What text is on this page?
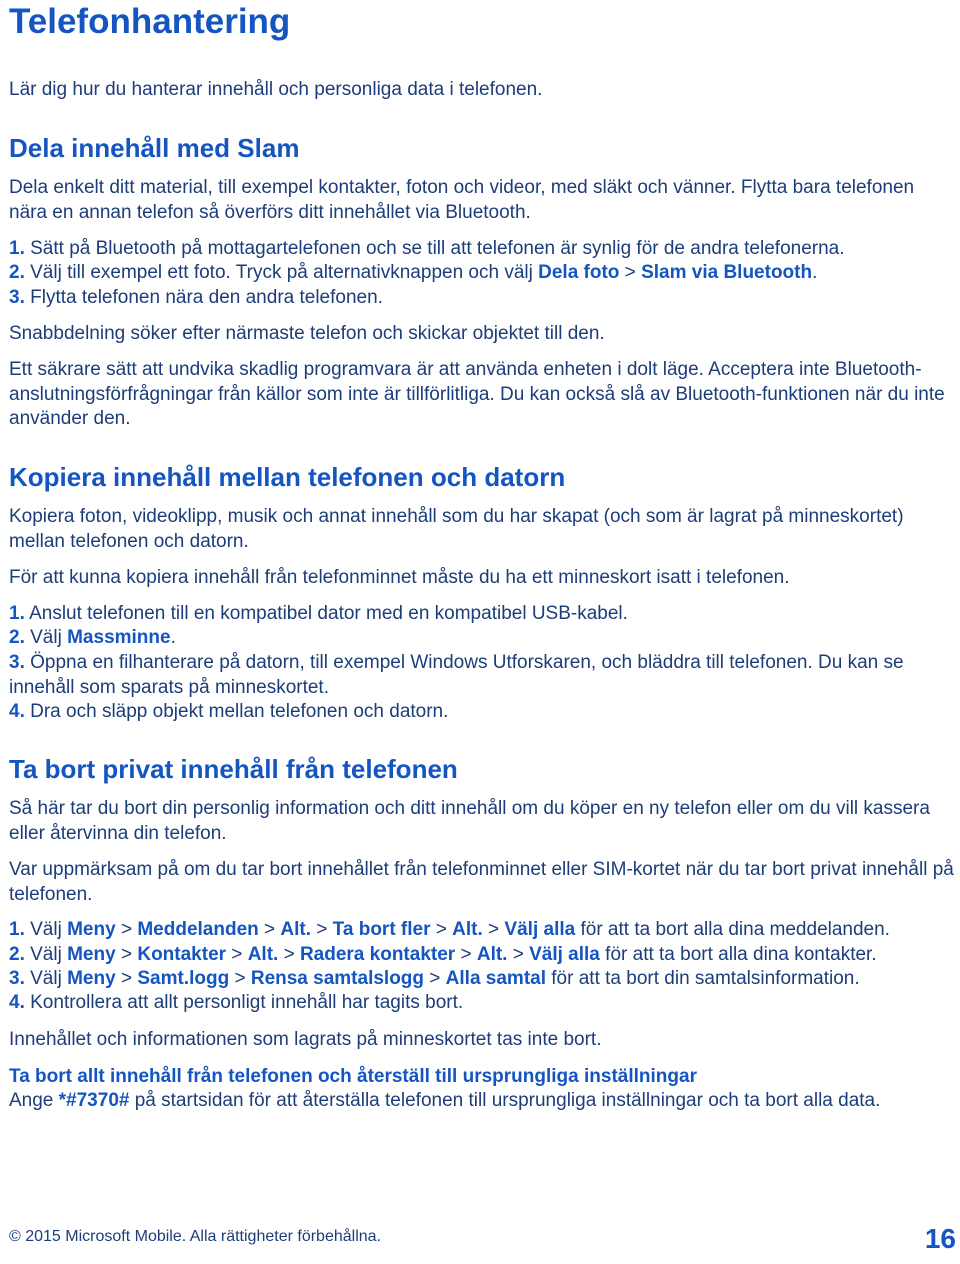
Telefonhantering

Lär dig hur du hanterar innehåll och personliga data i telefonen.

Dela innehåll med Slam

Dela enkelt ditt material, till exempel kontakter, foton och videor, med släkt och vänner. Flytta bara telefonen nära en annan telefon så överförs ditt innehållet via Bluetooth.

1. Sätt på Bluetooth på mottagartelefonen och se till att telefonen är synlig för de andra telefonerna.

2. Välj till exempel ett foto. Tryck på alternativknappen och välj Dela foto > Slam via Bluetooth.

3. Flytta telefonen nära den andra telefonen.

Snabbdelning söker efter närmaste telefon och skickar objektet till den.

Ett säkrare sätt att undvika skadlig programvara är att använda enheten i dolt läge. Acceptera inte Bluetooth-anslutningsförfrågningar från källor som inte är tillförlitliga. Du kan också slå av Bluetooth-funktionen när du inte använder den.

Kopiera innehåll mellan telefonen och datorn

Kopiera foton, videoklipp, musik och annat innehåll som du har skapat (och som är lagrat på minneskortet) mellan telefonen och datorn.

För att kunna kopiera innehåll från telefonminnet måste du ha ett minneskort isatt i telefonen.

1. Anslut telefonen till en kompatibel dator med en kompatibel USB-kabel.

2. Välj Massminne.

3. Öppna en filhanterare på datorn, till exempel Windows Utforskaren, och bläddra till telefonen. Du kan se innehåll som sparats på minneskortet.

4. Dra och släpp objekt mellan telefonen och datorn.

Ta bort privat innehåll från telefonen

Så här tar du bort din personlig information och ditt innehåll om du köper en ny telefon eller om du vill kassera eller återvinna din telefon.

Var uppmärksam på om du tar bort innehållet från telefonminnet eller SIM-kortet när du tar bort privat innehåll på telefonen.

1. Välj Meny > Meddelanden > Alt. > Ta bort fler > Alt. > Välj alla för att ta bort alla dina meddelanden.

2. Välj Meny > Kontakter > Alt. > Radera kontakter > Alt. > Välj alla för att ta bort alla dina kontakter.

3. Välj Meny > Samt.logg > Rensa samtalslogg > Alla samtal för att ta bort din samtalsinformation.

4. Kontrollera att allt personligt innehåll har tagits bort.

Innehållet och informationen som lagrats på minneskortet tas inte bort.

Ta bort allt innehåll från telefonen och återställ till ursprungliga inställningar

Ange *#7370# på startsidan för att återställa telefonen till ursprungliga inställningar och ta bort alla data.

© 2015 Microsoft Mobile. Alla rättigheter förbehållna.	16
